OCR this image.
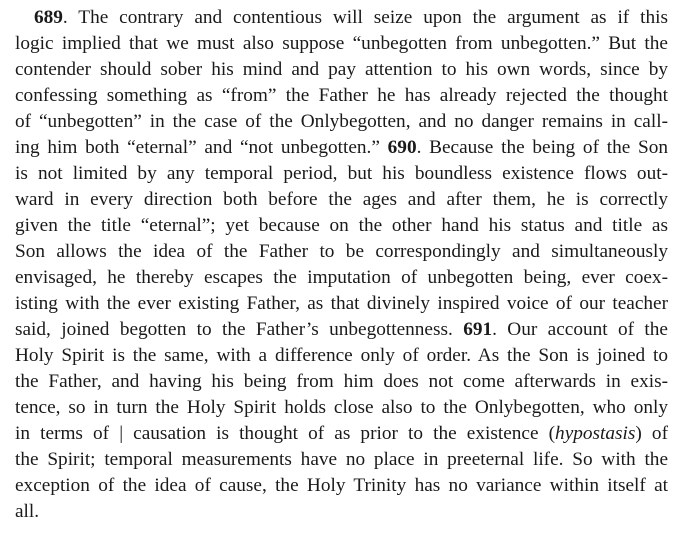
689. The contrary and contentious will seize upon the argument as if this
logic implied that we must also suppose “unbegotten from unbegotten.” But the
contender should sober his mind and pay attention to his own words, since by
confessing something as “from” the Father he has already rejected the thought
of “unbegotten” in the case of the Onlybegotten, and no danger remains in call-
ing him both “eternal” and “not unbegotten.” 690. Because the being of the Son
is not limited by any temporal period, but his boundless existence flows out-
ward in every direction both before the ages and after them, he is correctly
given the title “eternal”; yet because on the other hand his status and title as
Son allows the idea of the Father to be correspondingly and simultaneously
envisaged, he thereby escapes the imputation of unbegotten being, ever coex-
isting with the ever existing Father, as that divinely inspired voice of our teacher
said, joined begotten to the Father’s unbegottenness. 691. Our account of the
Holy Spirit is the same, with a difference only of order. As the Son is joined to
the Father, and having his being from him does not come afterwards in exis-
tence, so in turn the Holy Spirit holds close also to the Onlybegotten, who only
in terms of | causation is thought of as prior to the existence (hypostasis) of
the Spirit; temporal measurements have no place in preeternal life. So with the
exception of the idea of cause, the Holy Trinity has no variance within itself at
all.
